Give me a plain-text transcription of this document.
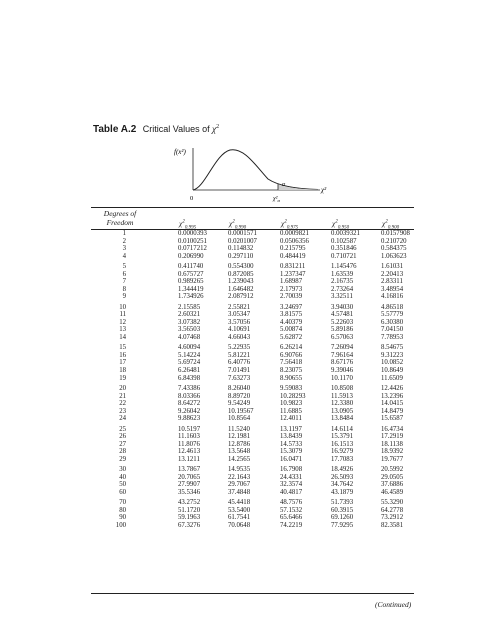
Table A.2 Critical Values of $\chi^2$
f(x²)
χ²
0
α
$\chi^2_\alpha$
Degrees of
Freedom	$\chi^2_{0.995}$	$\chi^2_{0.990}$	$\chi^2_{0.975}$	$\chi^2_{0.950}$	$\chi^2_{0.900}$
1	0.0000393	0.0001571	0.0009821	0.0039321	0.0157908
2	0.0100251	0.0201007	0.0506356	0.102587	0.210720
3	0.0717212	0.114832	0.215795	0.351846	0.584375
4	0.206990	0.297110	0.484419	0.710721	1.063623
5	0.411740	0.554300	0.831211	1.145476	1.61031
6	0.675727	0.872085	1.237347	1.63539	2.20413
7	0.989265	1.239043	1.68987	2.16735	2.83311
8	1.344419	1.646482	2.17973	2.73264	3.48954
9	1.734926	2.087912	2.70039	3.32511	4.16816
10	2.15585	2.55821	3.24697	3.94030	4.86518
11	2.60321	3.05347	3.81575	4.57481	5.57779
12	3.07382	3.57056	4.40379	5.22603	6.30380
13	3.56503	4.10691	5.00874	5.89186	7.04150
14	4.07468	4.66043	5.62872	6.57063	7.78953
15	4.60094	5.22935	6.26214	7.26094	8.54675
16	5.14224	5.81221	6.90766	7.96164	9.31223
17	5.69724	6.40776	7.56418	8.67176	10.0852
18	6.26481	7.01491	8.23075	9.39046	10.8649
19	6.84398	7.63273	8.90655	10.1170	11.6509
20	7.43386	8.26040	9.59083	10.8508	12.4426
21	8.03366	8.89720	10.28293	11.5913	13.2396
22	8.64272	9.54249	10.9823	12.3380	14.0415
23	9.26042	10.19567	11.6885	13.0905	14.8479
24	9.88623	10.8564	12.4011	13.8484	15.6587
25	10.5197	11.5240	13.1197	14.6114	16.4734
26	11.1603	12.1981	13.8439	15.3791	17.2919
27	11.8076	12.8786	14.5733	16.1513	18.1138
28	12.4613	13.5648	15.3079	16.9279	18.9392
29	13.1211	14.2565	16.0471	17.7083	19.7677
30	13.7867	14.9535	16.7908	18.4926	20.5992
40	20.7065	22.1643	24.4331	26.5093	29.0505
50	27.9907	29.7067	32.3574	34.7642	37.6886
60	35.5346	37.4848	40.4817	43.1879	46.4589
70	43.2752	45.4418	48.7576	51.7393	55.3290
80	51.1720	53.5400	57.1532	60.3915	64.2778
90	59.1963	61.7541	65.6466	69.1260	73.2912
100	67.3276	70.0648	74.2219	77.9295	82.3581
(Continued)
